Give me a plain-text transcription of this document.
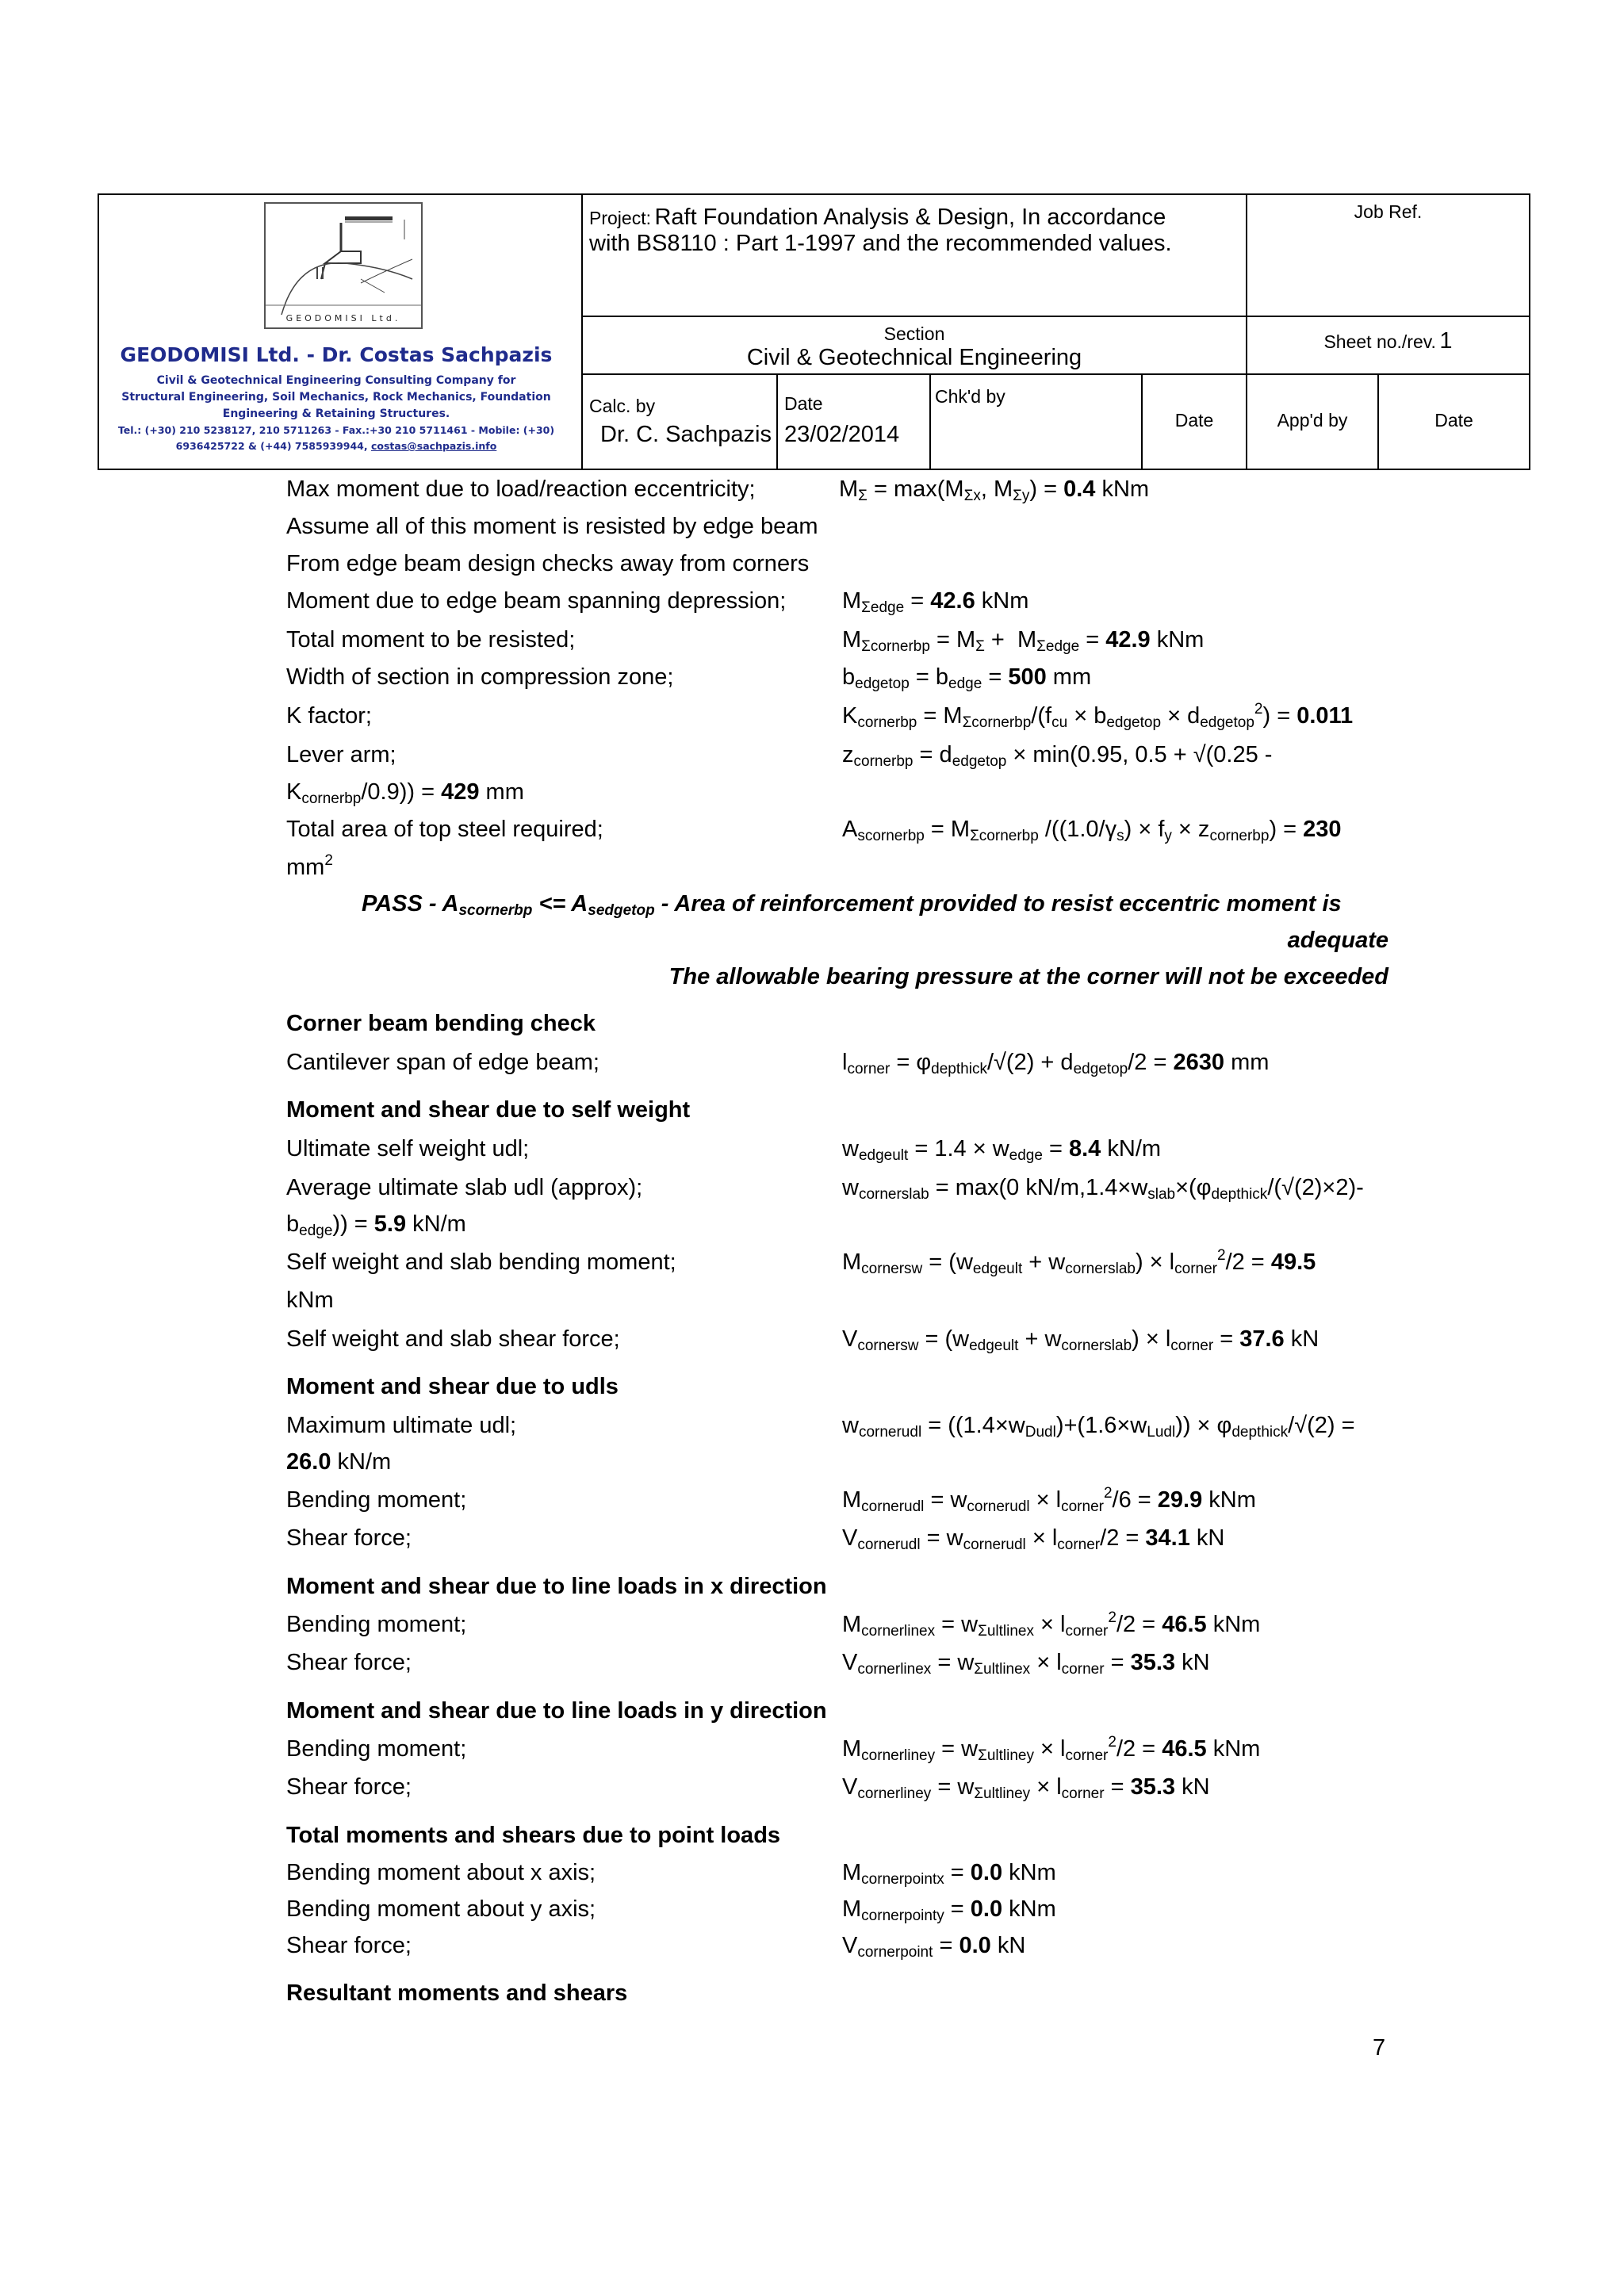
GEODOMISI Ltd.
GEODOMISI Ltd. - Dr. Costas Sachpazis
Civil & Geotechnical Engineering Consulting Company for
Structural Engineering, Soil Mechanics, Rock Mechanics, Foundation
Engineering & Retaining Structures.
Tel.: (+30) 210 5238127, 210 5711263 - Fax.:+30 210 5711461 - Mobile: (+30)
6936425722 & (+44) 7585939944, costas@sachpazis.info
Project: Raft Foundation Analysis & Design, In accordance
with BS8110 : Part 1-1997 and the recommended values.
Job Ref.
Section
Civil & Geotechnical Engineering
Sheet no./rev. 1
Calc. by
Dr. C. Sachpazis
Date
23/02/2014
Chk'd by
Date	App'd by	Date
Max moment due to load/reaction eccentricity;	$M_\Sigma = \max(M_{\Sigma x}$, $M_{\Sigma y}) = 0.4$ kNm
Assume all of this moment is resisted by edge beam
From edge beam design checks away from corners
Moment due to edge beam spanning depression; $M_{\Sigma edge} = 42.6$ kNm
Total moment to be resisted;	$M_{\Sigma cornerbp} = M_\Sigma + M_{\Sigma edge} = 42.9$ kNm
Width of section in compression zone;	$b_{edgetop} = b_{edge} = 500$ mm
K factor;	$K_{cornerbp} = M_{\Sigma cornerbp}/(f_{cu} \times b_{edgetop} \times d_{edgetop}^2) = 0.011$
Lever arm;	$z_{cornerbp} = d_{edgetop} \times \min(0.95$, 0.5 + √(0.25 -
$K_{cornerbp}/0.9)) = 429$ mm
Total area of top steel required;	$A_{scornerbp} = M_{\Sigma cornerbp}$ $/((1.0/\gamma_s) \times f_y \times z_{cornerbp}) = 230$
$mm^2$
PASS - $A_{scornerbp} <= A_{sedgetop}$ - Area of reinforcement provided to resist eccentric moment is
adequate
The allowable bearing pressure at the corner will not be exceeded
Corner beam bending check
Cantilever span of edge beam;	$l_{corner} = \varphi_{depthick}/√(2) + d_{edgetop}/2 = 2630$ mm
Moment and shear due to self weight
Ultimate self weight udl;	$w_{edgeult} = 1.4 \times w_{edge} = 8.4$ kN/m
Average ultimate slab udl (approx);	$w_{cornerslab} = \max(0$ $kN/m,1.4\times w_{slab}\times(\varphi_{depthick}/(√(2)\times 2)-$
$b_{edge})) = 5.9$ kN/m
Self weight and slab bending moment;	$M_{cornersw} = (w_{edgeult} + w_{cornerslab}) \times l_{corner}^2/2 = 49.5$
kNm
Self weight and slab shear force;	$V_{cornersw} = (w_{edgeult} + w_{cornerslab}) \times l_{corner} = 37.6$ kN
Moment and shear due to udls
Maximum ultimate udl;	$w_{cornerudl} = ((1.4\times w_{Dudl})+(1.6\times w_{Ludl})) \times \varphi_{depthick}/√(2)$ =
26.0 kN/m
Bending moment;	$M_{cornerudl} = w_{cornerudl} \times l_{corner}^2/6 = 29.9$ kNm
Shear force;	$V_{cornerudl} = w_{cornerudl} \times l_{corner}/2 = 34.1$ kN
Moment and shear due to line loads in x direction
Bending moment;	$M_{cornerlinex} = w_{\Sigma ultlinex} \times l_{corner}^2/2 = 46.5$ kNm
Shear force;	$V_{cornerlinex} = w_{\Sigma ultlinex} \times l_{corner} = 35.3$ kN
Moment and shear due to line loads in y direction
Bending moment;	$M_{cornerliney} = w_{\Sigma ultliney} \times l_{corner}^2/2 = 46.5$ kNm
Shear force;	$V_{cornerliney} = w_{\Sigma ultliney} \times l_{corner} = 35.3$ kN
Total moments and shears due to point loads
Bending moment about x axis;	$M_{cornerpointx} = 0.0$ kNm
Bending moment about y axis;	$M_{cornerpointy} = 0.0$ kNm
Shear force;	$V_{cornerpoint} = 0.0$ kN
Resultant moments and shears
7
